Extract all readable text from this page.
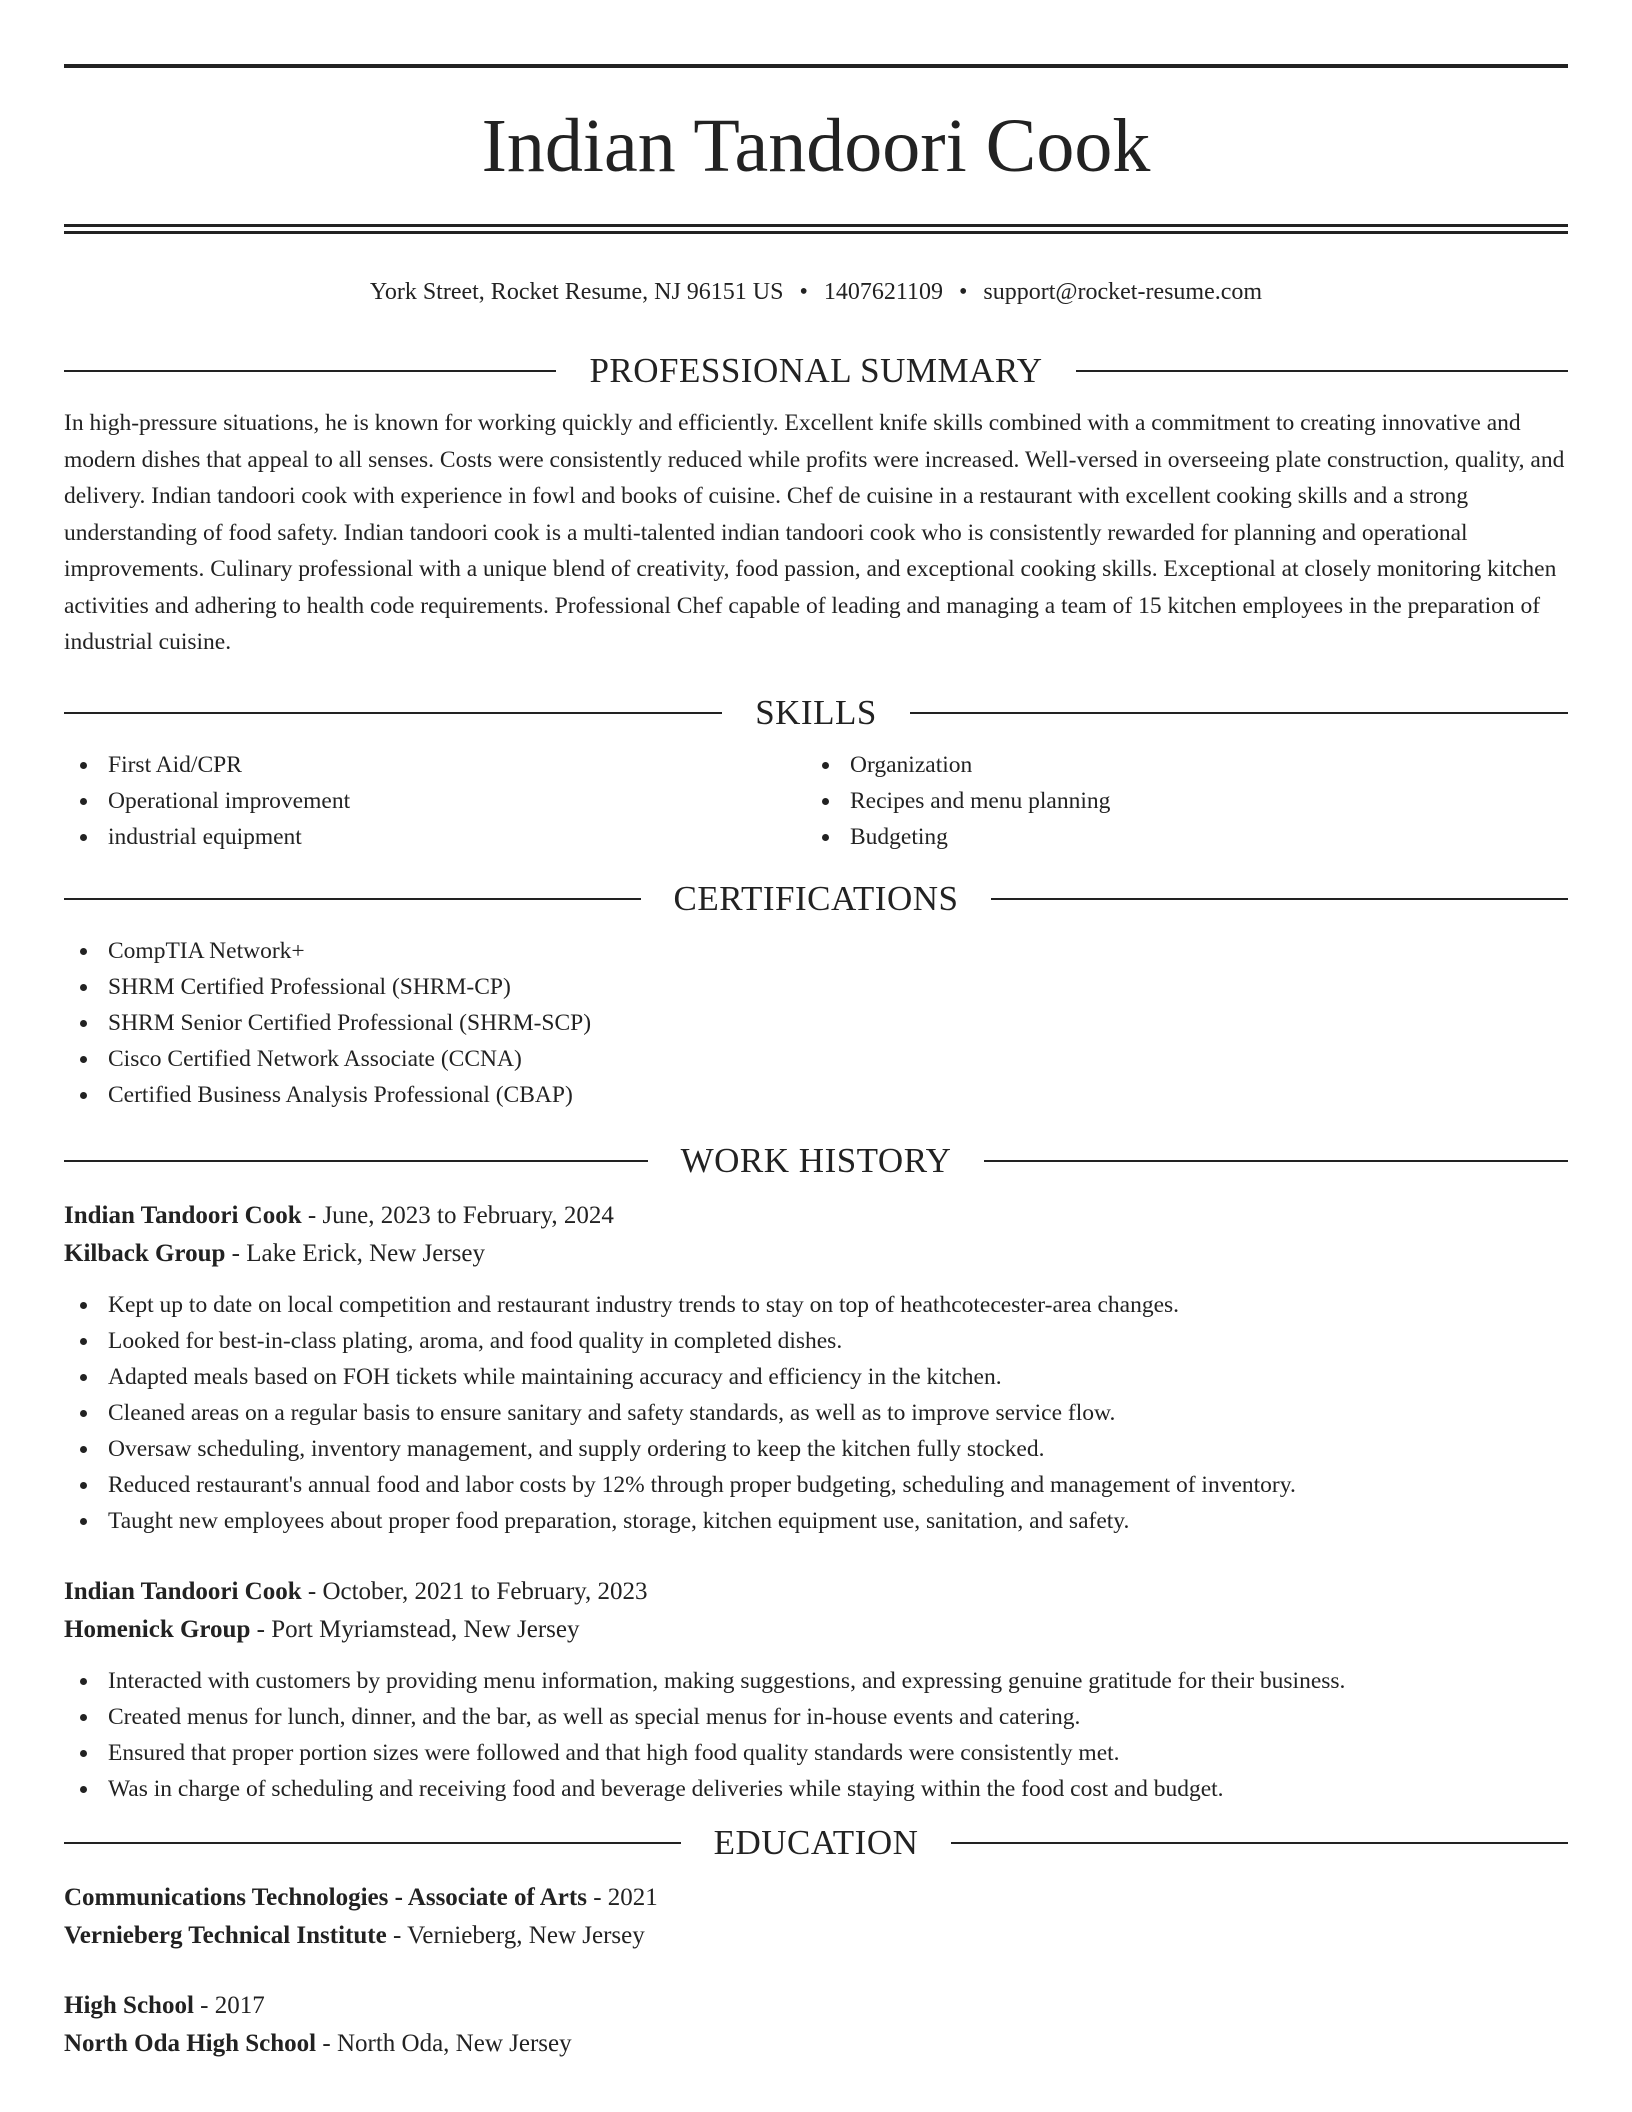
Indian Tandoori Cook
York Street, Rocket Resume, NJ 96151 US • 1407621109 • support@rocket-resume.com
PROFESSIONAL SUMMARY

In high-pressure situations, he is known for working quickly and efficiently. Excellent knife skills combined with a commitment to creating innovative and modern dishes that appeal to all senses. Costs were consistently reduced while profits were increased. Well-versed in overseeing plate construction, quality, and delivery. Indian tandoori cook with experience in fowl and books of cuisine. Chef de cuisine in a restaurant with excellent cooking skills and a strong understanding of food safety. Indian tandoori cook is a multi-talented indian tandoori cook who is consistently rewarded for planning and operational improvements. Culinary professional with a unique blend of creativity, food passion, and exceptional cooking skills. Exceptional at closely monitoring kitchen activities and adhering to health code requirements. Professional Chef capable of leading and managing a team of 15 kitchen employees in the preparation of industrial cuisine.

SKILLS
First Aid/CPR
Operational improvement
industrial equipment
Organization
Recipes and menu planning
Budgeting
CERTIFICATIONS
CompTIA Network+
SHRM Certified Professional (SHRM-CP)
SHRM Senior Certified Professional (SHRM-SCP)
Cisco Certified Network Associate (CCNA)
Certified Business Analysis Professional (CBAP)
WORK HISTORY
Indian Tandoori Cook - June, 2023 to February, 2024
Kilback Group - Lake Erick, New Jersey
Kept up to date on local competition and restaurant industry trends to stay on top of heathcotecester-area changes.
Looked for best-in-class plating, aroma, and food quality in completed dishes.
Adapted meals based on FOH tickets while maintaining accuracy and efficiency in the kitchen.
Cleaned areas on a regular basis to ensure sanitary and safety standards, as well as to improve service flow.
Oversaw scheduling, inventory management, and supply ordering to keep the kitchen fully stocked.
Reduced restaurant's annual food and labor costs by 12% through proper budgeting, scheduling and management of inventory.
Taught new employees about proper food preparation, storage, kitchen equipment use, sanitation, and safety.
Indian Tandoori Cook - October, 2021 to February, 2023
Homenick Group - Port Myriamstead, New Jersey
Interacted with customers by providing menu information, making suggestions, and expressing genuine gratitude for their business.
Created menus for lunch, dinner, and the bar, as well as special menus for in-house events and catering.
Ensured that proper portion sizes were followed and that high food quality standards were consistently met.
Was in charge of scheduling and receiving food and beverage deliveries while staying within the food cost and budget.
EDUCATION
Communications Technologies - Associate of Arts - 2021
Vernieberg Technical Institute - Vernieberg, New Jersey
High School - 2017
North Oda High School - North Oda, New Jersey
